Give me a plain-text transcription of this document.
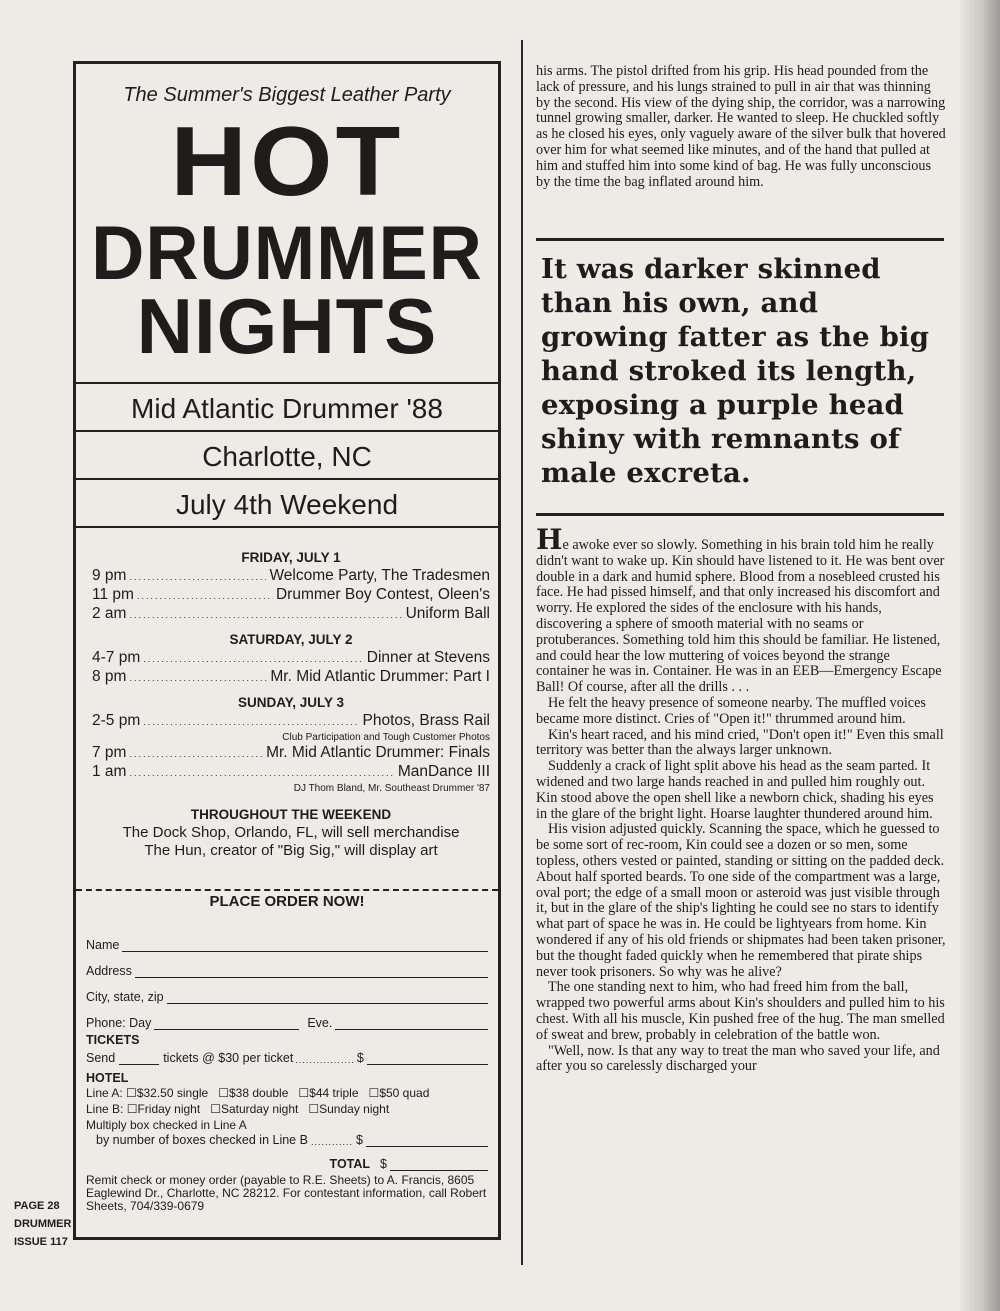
The Summer's Biggest Leather Party
HOT
DRUMMER
NIGHTS
Mid Atlantic Drummer '88
Charlotte, NC
July 4th Weekend
FRIDAY, JULY 1
9 pm .....	Welcome Party, The Tradesmen
11 pm .....	Drummer Boy Contest, Oleen's
2 am .....	Uniform Ball
SATURDAY, JULY 2
4-7 pm .....	Dinner at Stevens
8 pm .....	Mr. Mid Atlantic Drummer: Part I
SUNDAY, JULY 3
2-5 pm .....	Photos, Brass Rail
Club Participation and Tough Customer Photos
7 pm .....	Mr. Mid Atlantic Drummer: Finals
1 am .....	ManDance III
DJ Thom Bland, Mr. Southeast Drummer '87
THROUGHOUT THE WEEKEND
The Dock Shop, Orlando, FL, will sell merchandise
The Hun, creator of "Big Sig," will display art
PLACE ORDER NOW!
Name
Address
City, state, zip
Phone: Day	Eve.
TICKETS
Send	tickets @ $30 per ticket ................. $
HOTEL
Line A: ☐$32.50 single ☐$38 double ☐$44 triple ☐$50 quad
Line B: ☐Friday night ☐Saturday night ☐Sunday night
Multiply box checked in Line A
by number of boxes checked in Line B ............ $
TOTAL $
Remit check or money order (payable to R.E. Sheets) to A. Francis, 8605 Eaglewind Dr., Charlotte, NC 28212. For contestant information, call Robert Sheets, 704/339-0679
PAGE 28
DRUMMER
ISSUE 117

his arms. The pistol drifted from his grip. His head pounded from the lack of pressure, and his lungs strained to pull in air that was thinning by the second. His view of the dying ship, the corridor, was a narrowing tunnel growing smaller, darker. He wanted to sleep. He chuckled softly as he closed his eyes, only vaguely aware of the silver bulk that hovered over him for what seemed like minutes, and of the hand that pulled at him and stuffed him into some kind of bag. He was fully unconscious by the time the bag inflated around him.

It was darker skinned than his own, and growing fatter as the big hand stroked its length, exposing a purple head shiny with remnants of male excreta.

He awoke ever so slowly. Something in his brain told him he really didn't want to wake up. Kin should have listened to it. He was bent over double in a dark and humid sphere. Blood from a nosebleed crusted his face. He had pissed himself, and that only increased his discomfort and worry. He explored the sides of the enclosure with his hands, discovering a sphere of smooth material with no seams or protuberances. Something told him this should be familiar. He listened, and could hear the low muttering of voices beyond the strange container he was in. Container. He was in an EEB—Emergency Escape Ball! Of course, after all the drills . . .

He felt the heavy presence of someone nearby. The muffled voices became more distinct. Cries of "Open it!" thrummed around him.

Kin's heart raced, and his mind cried, "Don't open it!" Even this small territory was better than the always larger unknown.

Suddenly a crack of light split above his head as the seam parted. It widened and two large hands reached in and pulled him roughly out. Kin stood above the open shell like a newborn chick, shading his eyes in the glare of the bright light. Hoarse laughter thundered around him.

His vision adjusted quickly. Scanning the space, which he guessed to be some sort of rec-room, Kin could see a dozen or so men, some topless, others vested or painted, standing or sitting on the padded deck. About half sported beards. To one side of the compartment was a large, oval port; the edge of a small moon or asteroid was just visible through it, but in the glare of the ship's lighting he could see no stars to identify what part of space he was in. He could be lightyears from home. Kin wondered if any of his old friends or shipmates had been taken prisoner, but the thought faded quickly when he remembered that pirate ships never took prisoners. So why was he alive?

The one standing next to him, who had freed him from the ball, wrapped two powerful arms about Kin's shoulders and pulled him to his chest. With all his muscle, Kin pushed free of the hug. The man smelled of sweat and brew, probably in celebration of the battle won.

"Well, now. Is that any way to treat the man who saved your life, and after you so carelessly discharged your
